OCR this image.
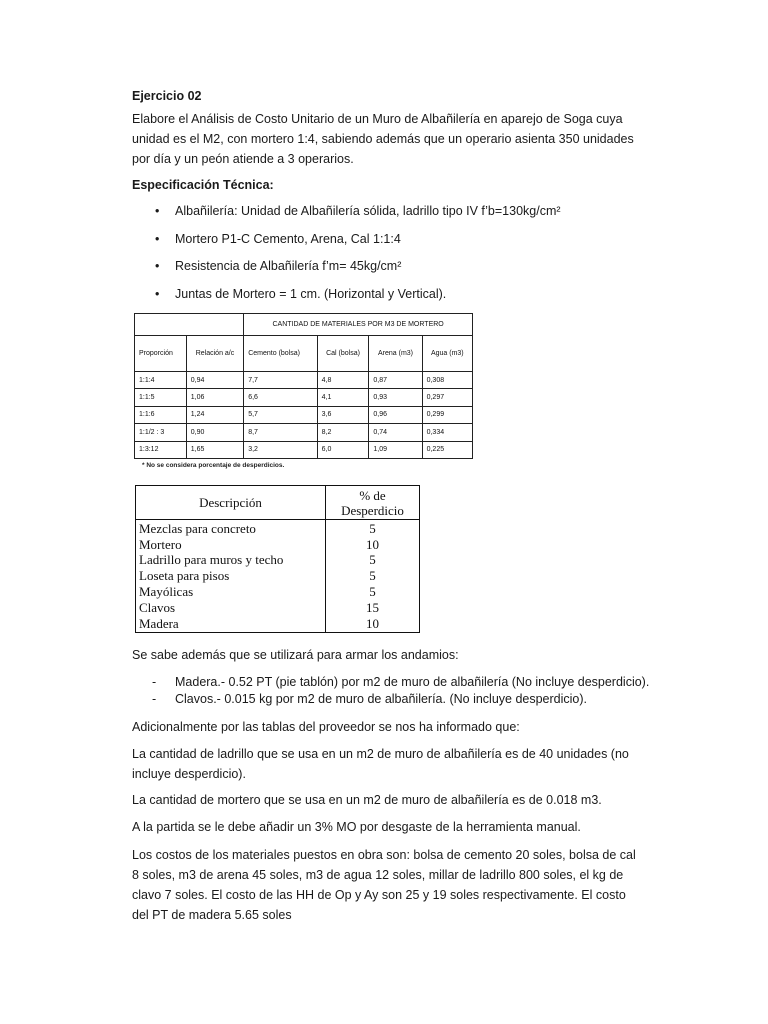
Ejercicio 02

Elabore el Análisis de Costo Unitario de un Muro de Albañilería en aparejo de Soga cuya unidad es el M2, con mortero 1:4, sabiendo además que un operario asienta 350 unidades por día y un peón atiende a 3 operarios.

Especificación Técnica:

• Albañilería: Unidad de Albañilería sólida, ladrillo tipo IV f’b=130kg/cm²
• Mortero P1-C Cemento, Arena, Cal 1:1:4
• Resistencia de Albañilería f’m= 45kg/cm²
• Juntas de Mortero = 1 cm. (Horizontal y Vertical).
		CANTIDAD DE MATERIALES POR M3 DE MORTERO			
Proporción	Relación a/c	Cemento (bolsa)	Cal (bolsa)	Arena (m3)	Agua (m3)
1:1:4	0,94	7,7	4,8	0,87	0,308
1:1:5	1,06	6,6	4,1	0,93	0,297
1:1:6	1,24	5,7	3,6	0,96	0,299
1:1/2 : 3	0,90	8,7	8,2	0,74	0,334
1:3:12	1,65	3,2	6,0	1,09	0,225
* No se considera porcentaje de desperdicios.
Descripción	% de Desperdicio
Mezclas para concreto	5
Mortero	10
Ladrillo para muros y techo	5
Loseta para pisos	5
Mayólicas	5
Clavos	15
Madera	10

Se sabe además que se utilizará para armar los andamios:

- Madera.- 0.52 PT (pie tablón) por m2 de muro de albañilería (No incluye desperdicio).
- Clavos.- 0.015 kg por m2 de muro de albañilería. (No incluye desperdicio).

Adicionalmente por las tablas del proveedor se nos ha informado que:

La cantidad de ladrillo que se usa en un m2 de muro de albañilería es de 40 unidades (no incluye desperdicio).

La cantidad de mortero que se usa en un m2 de muro de albañilería es de 0.018 m3.

A la partida se le debe añadir un 3% MO por desgaste de la herramienta manual.

Los costos de los materiales puestos en obra son: bolsa de cemento 20 soles, bolsa de cal 8 soles, m3 de arena 45 soles, m3 de agua 12 soles, millar de ladrillo 800 soles, el kg de clavo 7 soles. El costo de las HH de Op y Ay son 25 y 19 soles respectivamente. El costo del PT de madera 5.65 soles
